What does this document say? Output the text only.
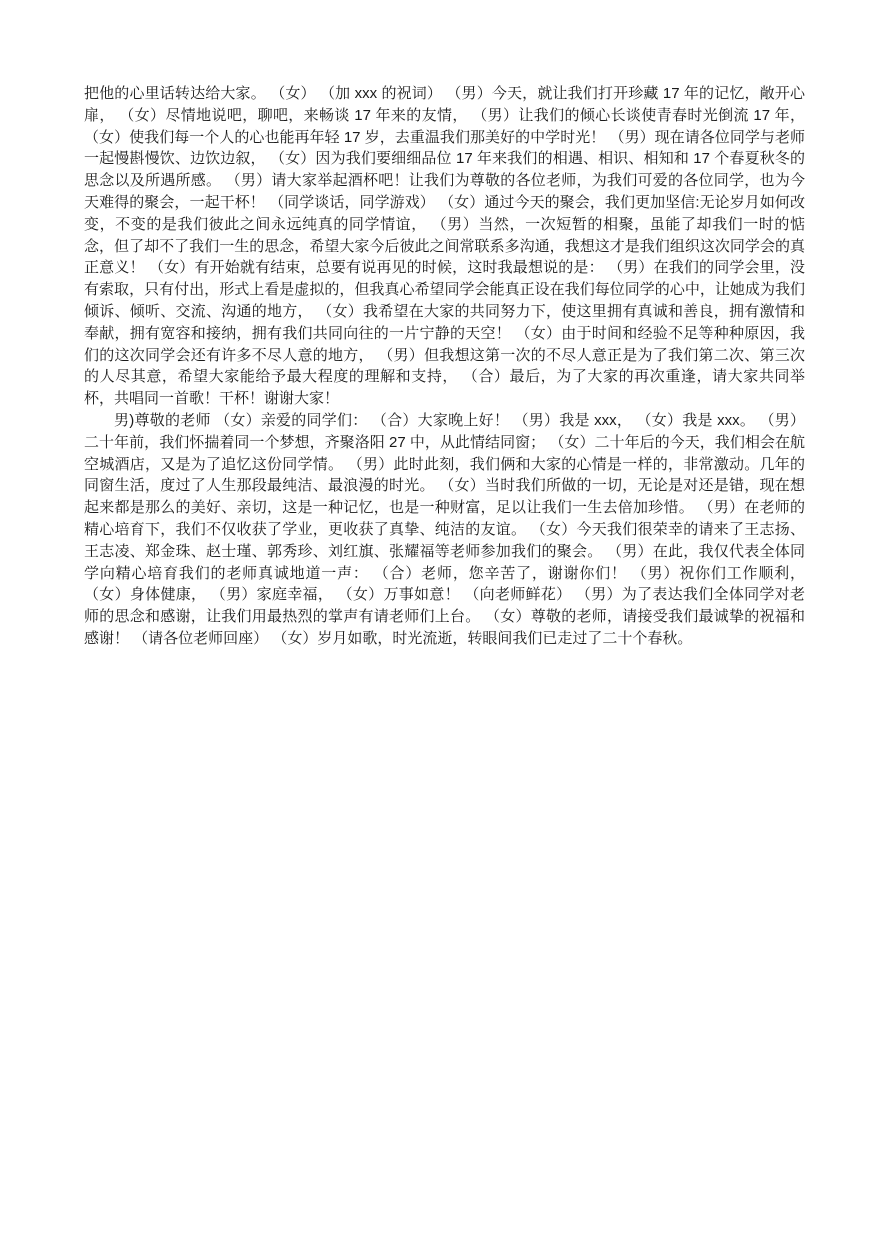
把他的心里话转达给大家。 （女） （加 xxx 的祝词） （男）今天，就让我们打开珍藏 17 年的记忆，敞开心扉， （女）尽情地说吧，聊吧，来畅谈 17 年来的友情， （男）让我们的倾心长谈使青春时光倒流 17 年， （女）使我们每一个人的心也能再年轻 17 岁，去重温我们那美好的中学时光！ （男）现在请各位同学与老师一起慢斟慢饮、边饮边叙， （女）因为我们要细细品位 17 年来我们的相遇、相识、相知和 17 个春夏秋冬的思念以及所遇所感。 （男）请大家举起酒杯吧！让我们为尊敬的各位老师，为我们可爱的各位同学，也为今天难得的聚会，一起干杯！ （同学谈话，同学游戏） （女）通过今天的聚会，我们更加坚信:无论岁月如何改变，不变的是我们彼此之间永远纯真的同学情谊， （男）当然，一次短暂的相聚，虽能了却我们一时的惦念，但了却不了我们一生的思念，希望大家今后彼此之间常联系多沟通，我想这才是我们组织这次同学会的真正意义！ （女）有开始就有结束，总要有说再见的时候，这时我最想说的是： （男）在我们的同学会里，没有索取，只有付出，形式上看是虚拟的，但我真心希望同学会能真正设在我们每位同学的心中，让她成为我们倾诉、倾听、交流、沟通的地方， （女）我希望在大家的共同努力下，使这里拥有真诚和善良，拥有激情和奉献，拥有宽容和接纳，拥有我们共同向往的一片宁静的天空！ （女）由于时间和经验不足等种种原因，我们的这次同学会还有许多不尽人意的地方， （男）但我想这第一次的不尽人意正是为了我们第二次、第三次的人尽其意，希望大家能给予最大程度的理解和支持， （合）最后，为了大家的再次重逢，请大家共同举杯，共唱同一首歌！干杯！谢谢大家！

男)尊敬的老师 （女）亲爱的同学们： （合）大家晚上好！ （男）我是 xxx， （女）我是 xxx。 （男）二十年前，我们怀揣着同一个梦想，齐聚洛阳 27 中，从此情结同窗； （女）二十年后的今天，我们相会在航空城酒店，又是为了追忆这份同学情。 （男）此时此刻，我们俩和大家的心情是一样的，非常激动。几年的同窗生活，度过了人生那段最纯洁、最浪漫的时光。 （女）当时我们所做的一切，无论是对还是错，现在想起来都是那么的美好、亲切，这是一种记忆，也是一种财富，足以让我们一生去倍加珍惜。 （男）在老师的精心培育下，我们不仅收获了学业，更收获了真挚、纯洁的友谊。 （女）今天我们很荣幸的请来了王志扬、王志凌、郑金珠、赵士瑾、郭秀珍、刘红旗、张耀福等老师参加我们的聚会。 （男）在此，我仅代表全体同学向精心培育我们的老师真诚地道一声： （合）老师，您辛苦了，谢谢你们！ （男）祝你们工作顺利， （女）身体健康， （男）家庭幸福， （女）万事如意！ （向老师鲜花） （男）为了表达我们全体同学对老师的思念和感谢，让我们用最热烈的掌声有请老师们上台。 （女）尊敬的老师，请接受我们最诚挚的祝福和感谢！ （请各位老师回座） （女）岁月如歌，时光流逝，转眼间我们已走过了二十个春秋。
